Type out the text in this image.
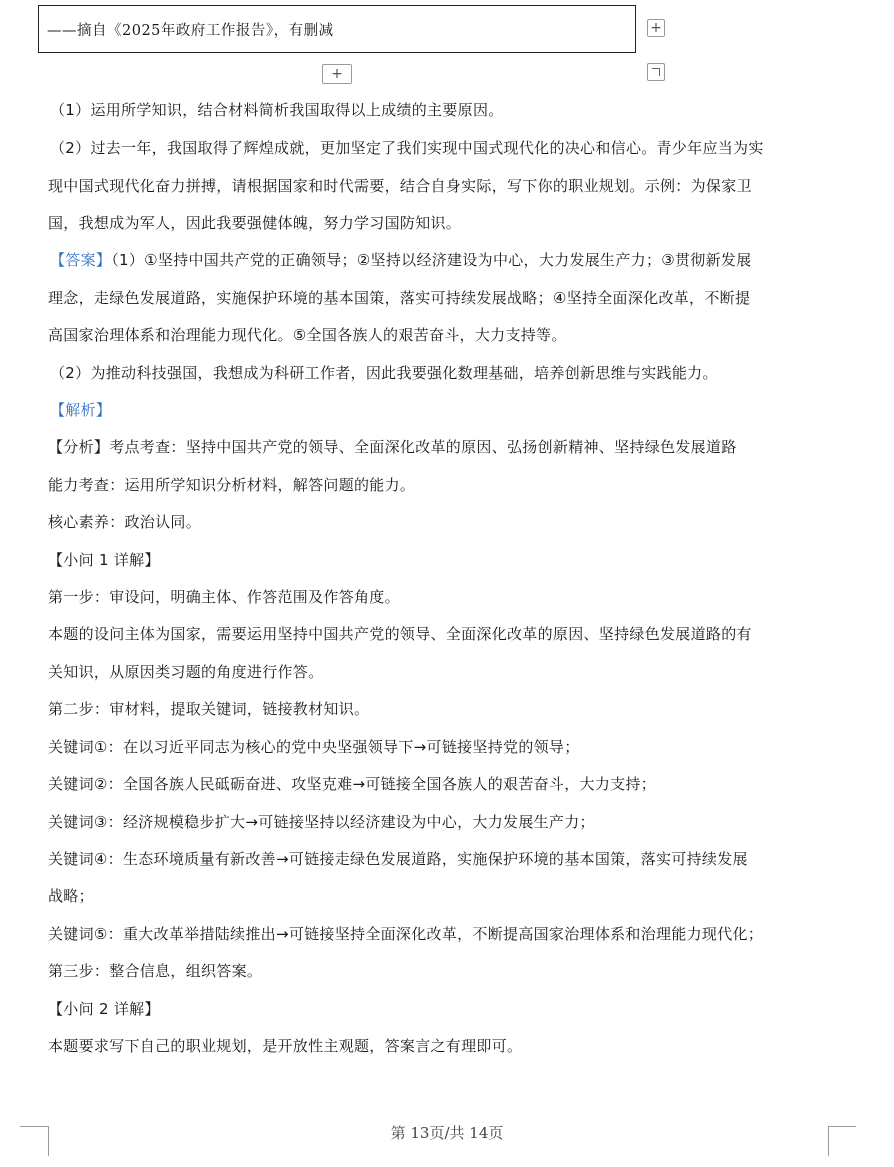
——摘自《2025年政府工作报告》，有删减	+
+
（1）运用所学知识，结合材料简析我国取得以上成绩的主要原因。
（2）过去一年，我国取得了辉煌成就，更加坚定了我们实现中国式现代化的决心和信心。青少年应当为实
现中国式现代化奋力拼搏，请根据国家和时代需要，结合自身实际，写下你的职业规划。示例：为保家卫
国，我想成为军人，因此我要强健体魄，努力学习国防知识。
【答案】（1）①坚持中国共产党的正确领导；②坚持以经济建设为中心，大力发展生产力；③贯彻新发展
理念，走绿色发展道路，实施保护环境的基本国策，落实可持续发展战略；④坚持全面深化改革，不断提
高国家治理体系和治理能力现代化。⑤全国各族人的艰苦奋斗，大力支持等。
（2）为推动科技强国，我想成为科研工作者，因此我要强化数理基础，培养创新思维与实践能力。
【解析】
【分析】考点考查：坚持中国共产党的领导、全面深化改革的原因、弘扬创新精神、坚持绿色发展道路
能力考查：运用所学知识分析材料，解答问题的能力。
核心素养：政治认同。
【小问 1 详解】
第一步：审设问，明确主体、作答范围及作答角度。
本题的设问主体为国家，需要运用坚持中国共产党的领导、全面深化改革的原因、坚持绿色发展道路的有
关知识，从原因类习题的角度进行作答。
第二步：审材料，提取关键词，链接教材知识。
关键词①：在以习近平同志为核心的党中央坚强领导下→可链接坚持党的领导；
关键词②：全国各族人民砥砺奋进、攻坚克难→可链接全国各族人的艰苦奋斗，大力支持；
关键词③：经济规模稳步扩大→可链接坚持以经济建设为中心，大力发展生产力；
关键词④：生态环境质量有新改善→可链接走绿色发展道路，实施保护环境的基本国策，落实可持续发展
战略；
关键词⑤：重大改革举措陆续推出→可链接坚持全面深化改革，不断提高国家治理体系和治理能力现代化；
第三步：整合信息，组织答案。
【小问 2 详解】
本题要求写下自己的职业规划，是开放性主观题，答案言之有理即可。
第 13页/共 14页
